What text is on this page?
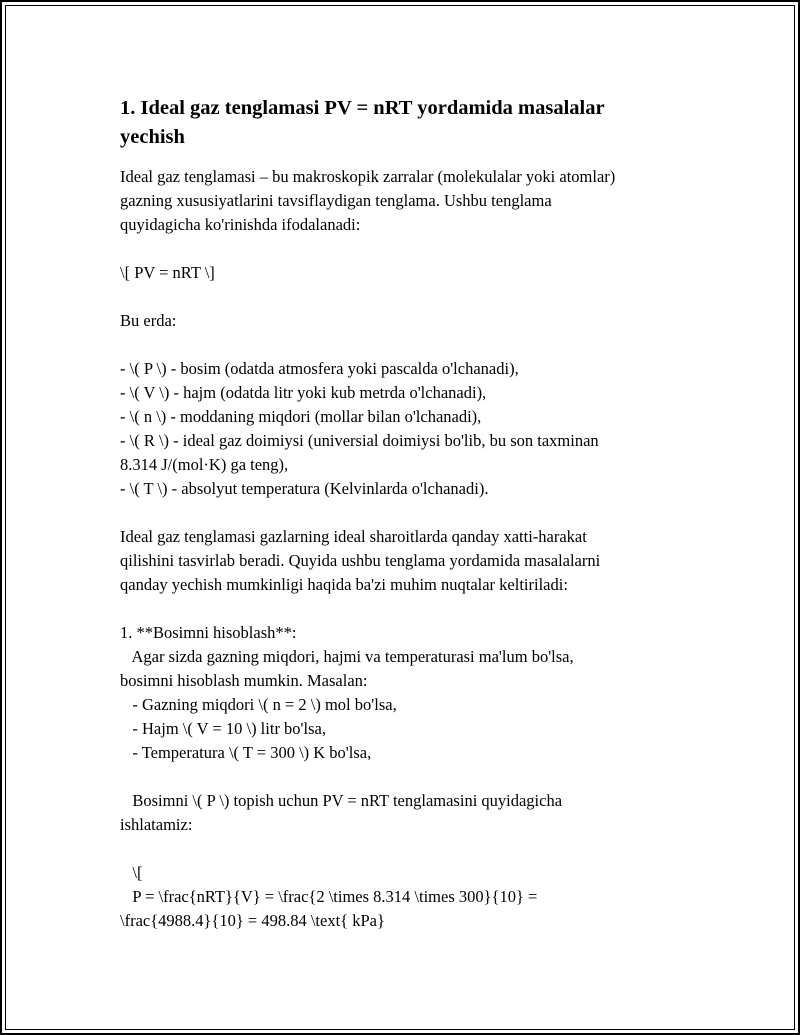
1. Ideal gaz tenglamasi PV = nRT yordamida masalalar
yechish
Ideal gaz tenglamasi – bu makroskopik zarralar (molekulalar yoki atomlar)
gazning xususiyatlarini tavsiflaydigan tenglama. Ushbu tenglama
quyidagicha ko'rinishda ifodalanadi:
\[ PV = nRT \]
Bu erda:
- \( P \) - bosim (odatda atmosfera yoki pascalda o'lchanadi),
- \( V \) - hajm (odatda litr yoki kub metrda o'lchanadi),
- \( n \) - moddaning miqdori (mollar bilan o'lchanadi),
- \( R \) - ideal gaz doimiysi (universial doimiysi bo'lib, bu son taxminan
8.314 J/(mol·K) ga teng),
- \( T \) - absolyut temperatura (Kelvinlarda o'lchanadi).
Ideal gaz tenglamasi gazlarning ideal sharoitlarda qanday xatti-harakat
qilishini tasvirlab beradi. Quyida ushbu tenglama yordamida masalalarni
qanday yechish mumkinligi haqida ba'zi muhim nuqtalar keltiriladi:
1. **Bosimni hisoblash**:
Agar sizda gazning miqdori, hajmi va temperaturasi ma'lum bo'lsa,
bosimni hisoblash mumkin. Masalan:
- Gazning miqdori \( n = 2 \) mol bo'lsa,
- Hajm \( V = 10 \) litr bo'lsa,
- Temperatura \( T = 300 \) K bo'lsa,
Bosimni \( P \) topish uchun PV = nRT tenglamasini quyidagicha
ishlatamiz:
\[
P = \frac{nRT}{V} = \frac{2 \times 8.314 \times 300}{10} =
\frac{4988.4}{10} = 498.84 \text{ kPa}
